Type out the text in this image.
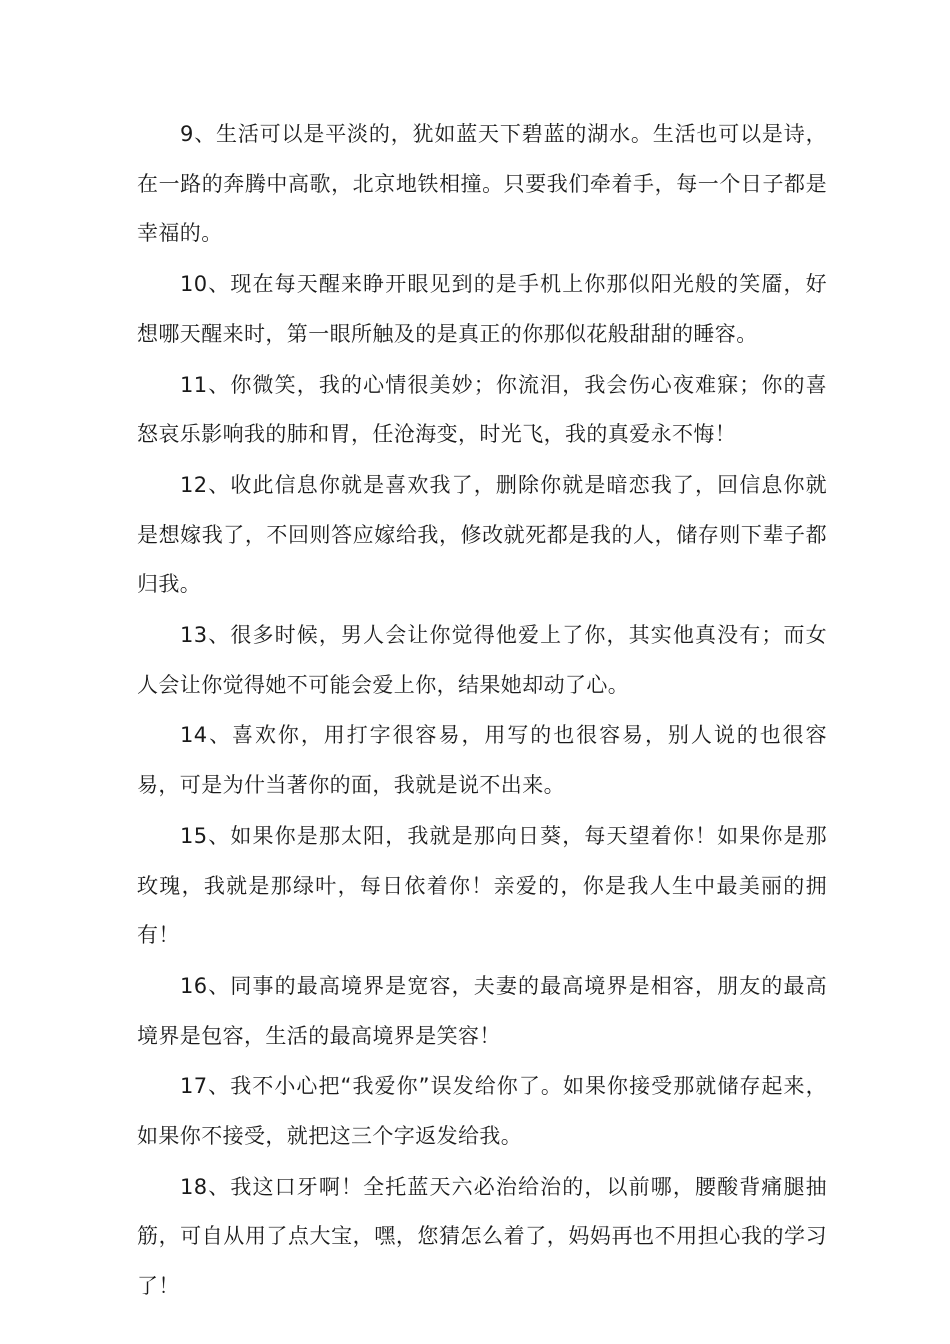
9、生活可以是平淡的，犹如蓝天下碧蓝的湖水。生活也可以是诗，在一路的奔腾中高歌，北京地铁相撞。只要我们牵着手，每一个日子都是幸福的。

10、现在每天醒来睁开眼见到的是手机上你那似阳光般的笑靥，好想哪天醒来时，第一眼所触及的是真正的你那似花般甜甜的睡容。

11、你微笑，我的心情很美妙；你流泪，我会伤心夜难寐；你的喜怒哀乐影响我的肺和胃，任沧海变，时光飞，我的真爱永不悔！

12、收此信息你就是喜欢我了，删除你就是暗恋我了，回信息你就是想嫁我了，不回则答应嫁给我，修改就死都是我的人，储存则下辈子都归我。

13、很多时候，男人会让你觉得他爱上了你，其实他真没有；而女人会让你觉得她不可能会爱上你，结果她却动了心。

14、喜欢你，用打字很容易，用写的也很容易，别人说的也很容易，可是为什当著你的面，我就是说不出来。

15、如果你是那太阳，我就是那向日葵，每天望着你！如果你是那玫瑰，我就是那绿叶，每日依着你！亲爱的，你是我人生中最美丽的拥有！

16、同事的最高境界是宽容，夫妻的最高境界是相容，朋友的最高境界是包容，生活的最高境界是笑容！

17、我不小心把“我爱你”误发给你了。如果你接受那就储存起来，如果你不接受，就把这三个字返发给我。

18、我这口牙啊！全托蓝天六必治给治的，以前哪，腰酸背痛腿抽筋，可自从用了点大宝，嘿，您猜怎么着了，妈妈再也不用担心我的学习了！
